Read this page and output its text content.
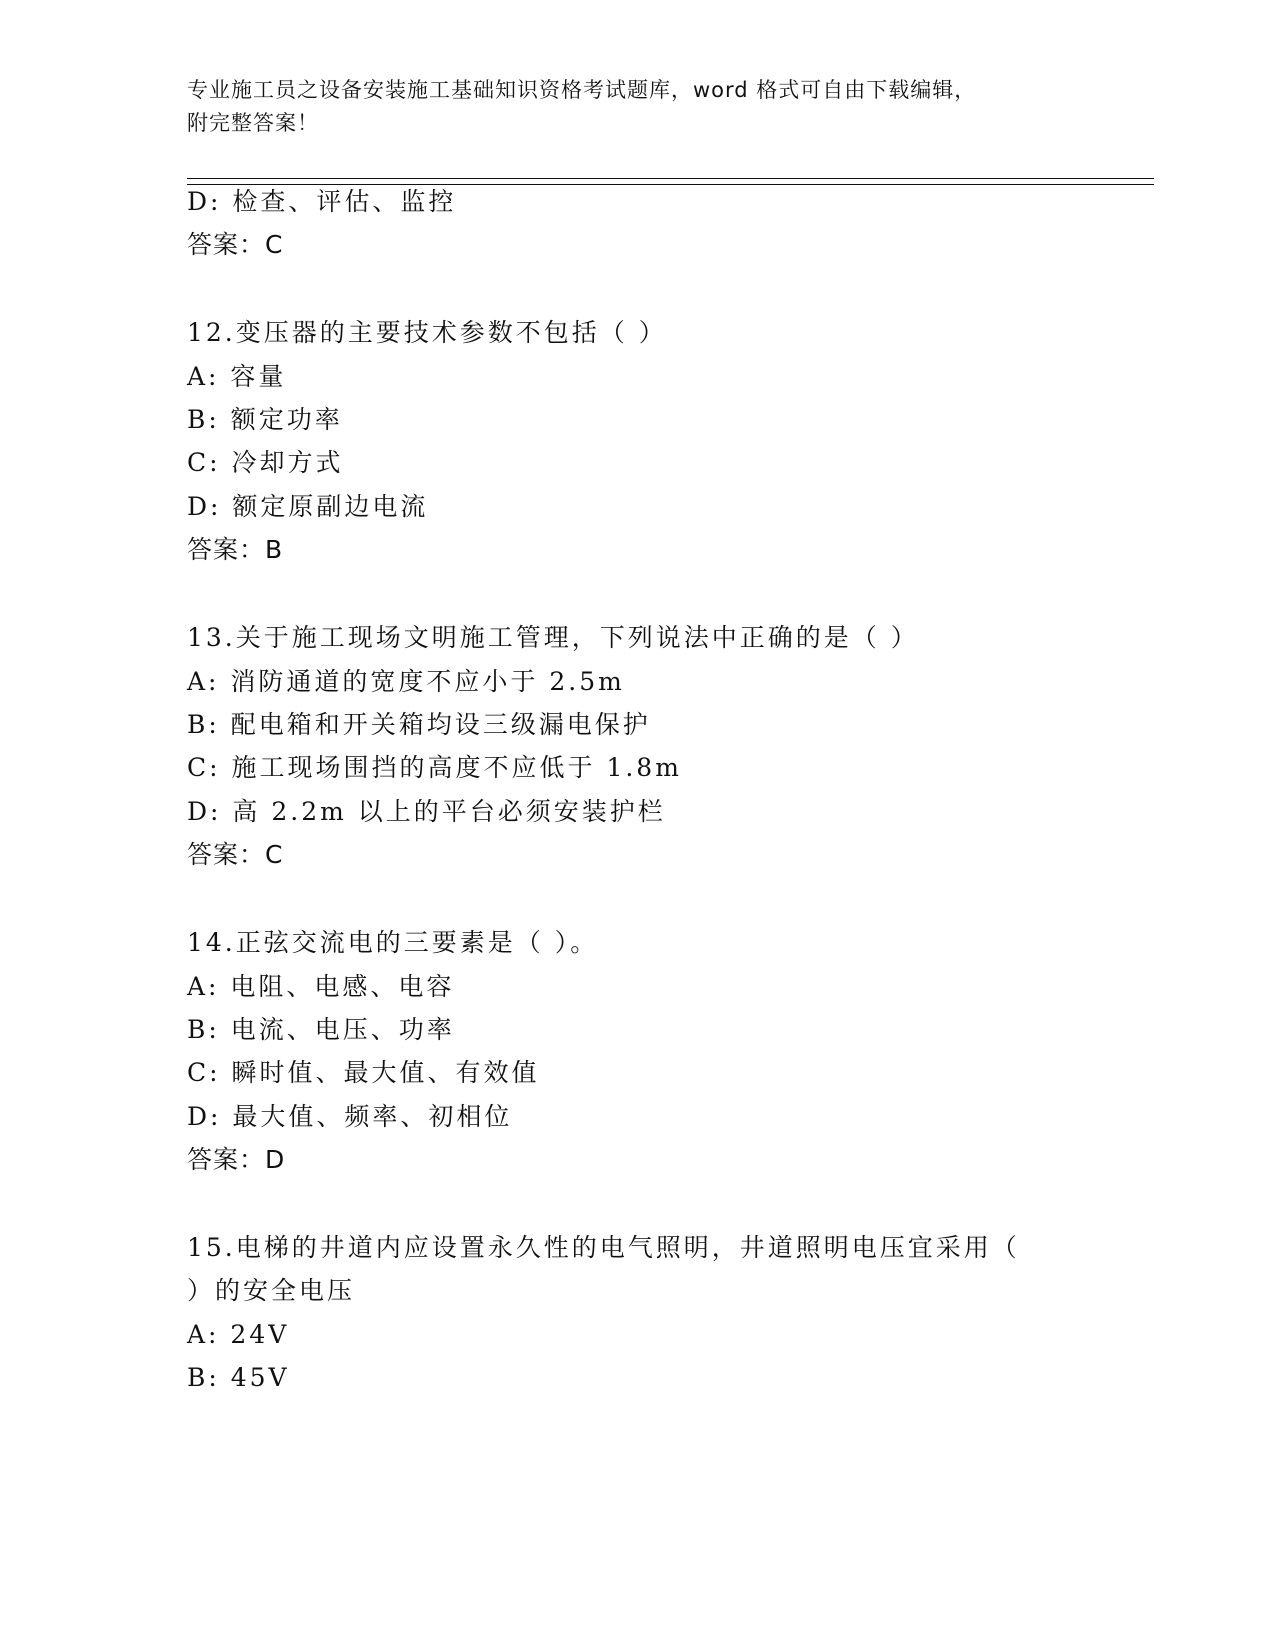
专业施工员之设备安装施工基础知识资格考试题库，word 格式可自由下载编辑，
附完整答案！
D: 检查、评估、监控
答案：C
12.变压器的主要技术参数不包括（ ）
A: 容量
B: 额定功率
C: 冷却方式
D: 额定原副边电流
答案：B
13.关于施工现场文明施工管理，下列说法中正确的是（ ）
A: 消防通道的宽度不应小于 2.5m
B: 配电箱和开关箱均设三级漏电保护
C: 施工现场围挡的高度不应低于 1.8m
D: 高 2.2m 以上的平台必须安装护栏
答案：C
14.正弦交流电的三要素是（ ）。
A: 电阻、电感、电容
B: 电流、电压、功率
C: 瞬时值、最大值、有效值
D: 最大值、频率、初相位
答案：D
15.电梯的井道内应设置永久性的电气照明，井道照明电压宜采用（
）的安全电压
A: 24V
B: 45V
